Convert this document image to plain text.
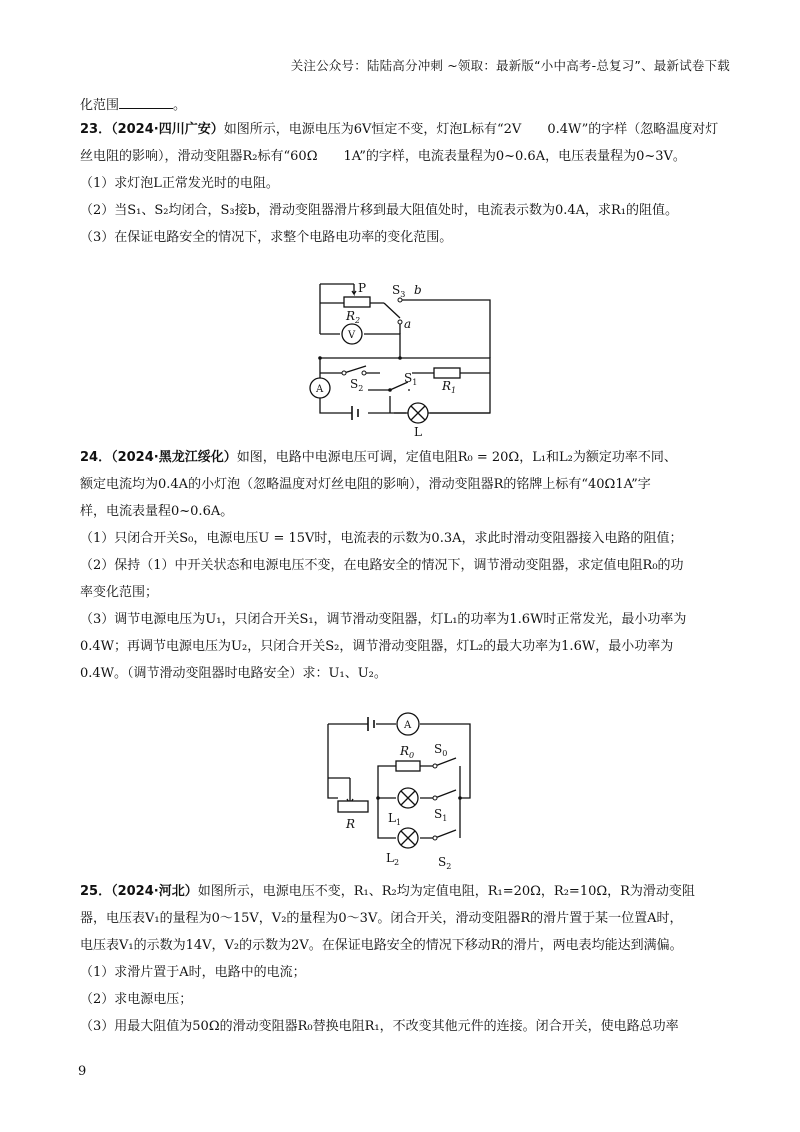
关注公众号：陆陆高分冲刺 ~领取：最新版“小中高考-总复习”、最新试卷下载
化范围	。

23．（2024·四川广安）如图所示，电源电压为6V恒定不变，灯泡L标有“2V　　0.4W”的字样（忽略温度对灯丝电阻的影响），滑动变阻器R₂标有“60Ω　　1A”的字样，电流表量程为0~0.6A，电压表量程为0~3V。

（1）求灯泡L正常发光时的电阻。

（2）当S₁、S₂均闭合，S₃接b，滑动变阻器滑片移到最大阻值处时，电流表示数为0.4A，求R₁的阻值。

（3）在保证电路安全的情况下，求整个电路电功率的变化范围。

P $S_3$ b
$R_2$
V
a
$S_2$
$S_1$ $R_1$
A
L

24．（2024·黑龙江绥化）如图，电路中电源电压可调，定值电阻R₀ = 20Ω，L₁和L₂为额定功率不同、

额定电流均为0.4A的小灯泡（忽略温度对灯丝电阻的影响），滑动变阻器R的铭牌上标有“40Ω1A”字

样，电流表量程0~0.6A。

（1）只闭合开关S₀，电源电压U = 15V时，电流表的示数为0.3A，求此时滑动变阻器接入电路的阻值；

（2）保持（1）中开关状态和电源电压不变，在电路安全的情况下，调节滑动变阻器，求定值电阻R₀的功

率变化范围；

（3）调节电源电压为U₁，只闭合开关S₁，调节滑动变阻器，灯L₁的功率为1.6W时正常发光，最小功率为

0.4W；再调节电源电压为U₂，只闭合开关S₂，调节滑动变阻器，灯L₂的最大功率为1.6W，最小功率为

0.4W。（调节滑动变阻器时电路安全）求：U₁、U₂。

A
$R_0$ $S_0$
R	$L_1$
$S_1$
$L_2$	$S_2$

25．（2024·河北）如图所示，电源电压不变，R₁、R₂均为定值电阻，R₁=20Ω，R₂=10Ω，R为滑动变阻

器，电压表V₁的量程为0～15V，V₂的量程为0～3V。闭合开关，滑动变阻器R的滑片置于某一位置A时，

电压表V₁的示数为14V，V₂的示数为2V。在保证电路安全的情况下移动R的滑片，两电表均能达到满偏。

（1）求滑片置于A时，电路中的电流；

（2）求电源电压；

（3）用最大阻值为50Ω的滑动变阻器R₀替换电阻R₁，不改变其他元件的连接。闭合开关，使电路总功率

9
